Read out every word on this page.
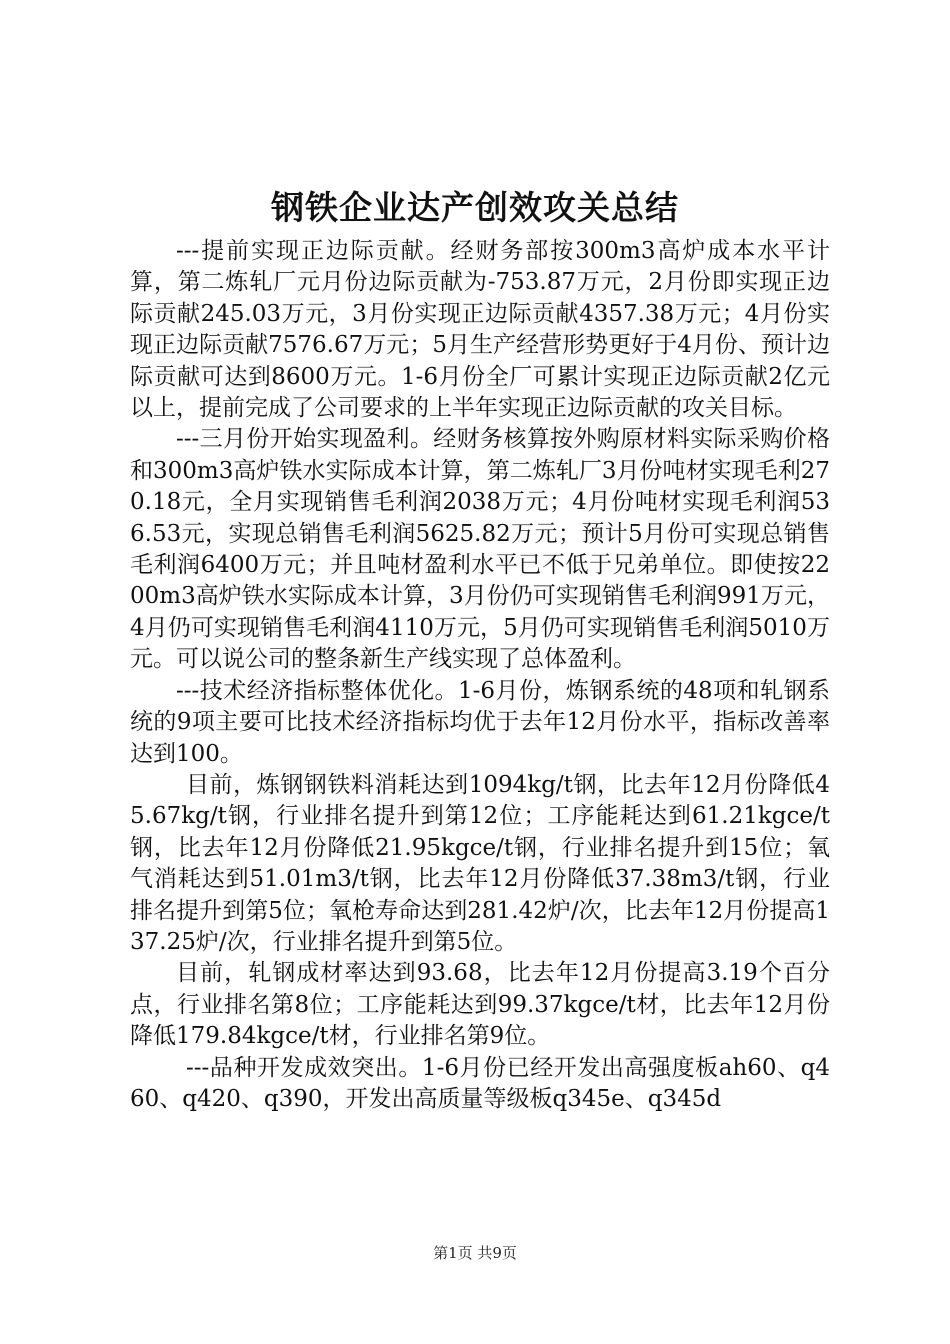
钢铁企业达产创效攻关总结

---提前实现正边际贡献。经财务部按300m3高炉成本水平计算，第二炼轧厂元月份边际贡献为-753.87万元，2月份即实现正边际贡献245.03万元，3月份实现正边际贡献4357.38万元；4月份实现正边际贡献7576.67万元；5月生产经营形势更好于4月份、预计边际贡献可达到8600万元。1-6月份全厂可累计实现正边际贡献2亿元以上，提前完成了公司要求的上半年实现正边际贡献的攻关目标。

---三月份开始实现盈利。经财务核算按外购原材料实际采购价格和300m3高炉铁水实际成本计算，第二炼轧厂3月份吨材实现毛利270.18元，全月实现销售毛利润2038万元；4月份吨材实现毛利润536.53元，实现总销售毛利润5625.82万元；预计5月份可实现总销售毛利润6400万元；并且吨材盈利水平已不低于兄弟单位。即使按2200m3高炉铁水实际成本计算，3月份仍可实现销售毛利润991万元，4月仍可实现销售毛利润4110万元，5月仍可实现销售毛利润5010万元。可以说公司的整条新生产线实现了总体盈利。

---技术经济指标整体优化。1-6月份，炼钢系统的48项和轧钢系统的9项主要可比技术经济指标均优于去年12月份水平，指标改善率达到100。

目前，炼钢钢铁料消耗达到1094kg/t钢，比去年12月份降低45.67kg/t钢，行业排名提升到第12位；工序能耗达到61.21kgce/t钢，比去年12月份降低21.95kgce/t钢，行业排名提升到15位；氧气消耗达到51.01m3/t钢，比去年12月份降低37.38m3/t钢，行业排名提升到第5位；氧枪寿命达到281.42炉/次，比去年12月份提高137.25炉/次，行业排名提升到第5位。

目前，轧钢成材率达到93.68，比去年12月份提高3.19个百分点，行业排名第8位；工序能耗达到99.37kgce/t材，比去年12月份降低179.84kgce/t材，行业排名第9位。

---品种开发成效突出。1-6月份已经开发出高强度板ah60、q460、q420、q390，开发出高质量等级板q345e、q345d

第1页 共9页
